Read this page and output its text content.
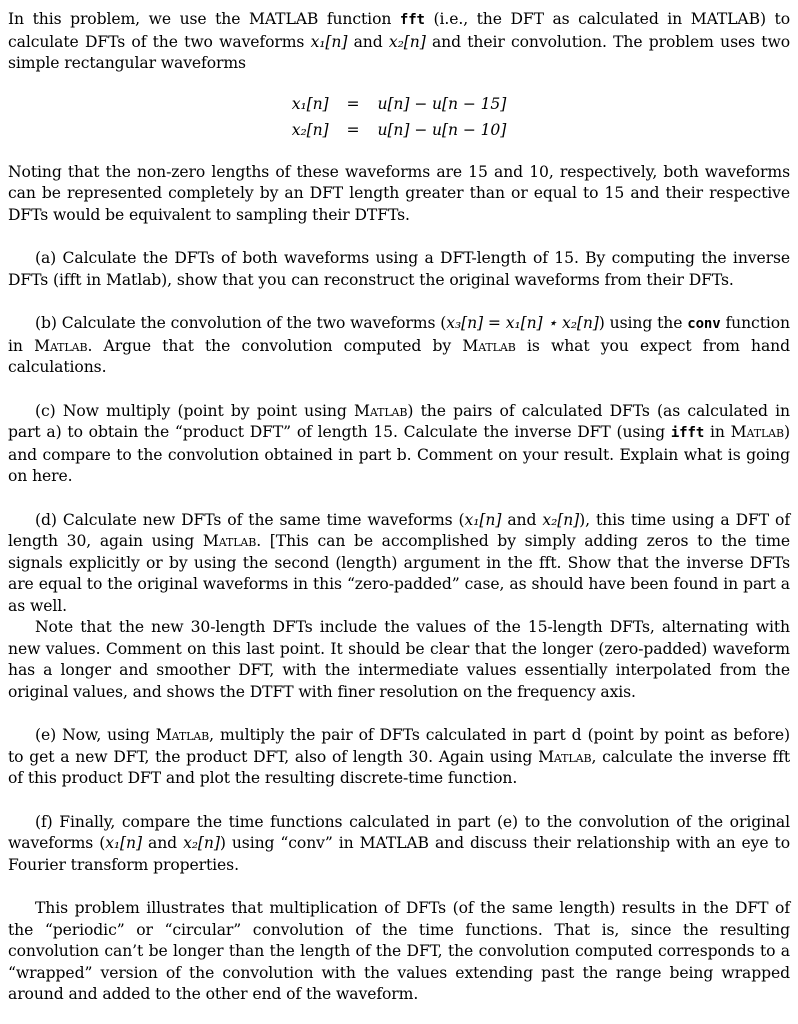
In this problem, we use the MATLAB function fft (i.e., the DFT as calculated in MATLAB) to calculate DFTs of the two waveforms x₁[n] and x₂[n] and their convolution. The problem uses two simple rectangular waveforms

x₁[n]	=	u[n] − u[n − 15]
x₂[n]	=	u[n] − u[n − 10]

Noting that the non-zero lengths of these waveforms are 15 and 10, respectively, both waveforms can be represented completely by an DFT length greater than or equal to 15 and their respective DFTs would be equivalent to sampling their DTFTs.

(a) Calculate the DFTs of both waveforms using a DFT-length of 15. By computing the inverse DFTs (ifft in Matlab), show that you can reconstruct the original waveforms from their DFTs.

(b) Calculate the convolution of the two waveforms (x₃[n] = x₁[n] ⋆ x₂[n]) using the conv function in Matlab. Argue that the convolution computed by Matlab is what you expect from hand calculations.

(c) Now multiply (point by point using Matlab) the pairs of calculated DFTs (as calculated in part a) to obtain the “product DFT” of length 15. Calculate the inverse DFT (using ifft in Matlab) and compare to the convolution obtained in part b. Comment on your result. Explain what is going on here.

(d) Calculate new DFTs of the same time waveforms (x₁[n] and x₂[n]), this time using a DFT of length 30, again using Matlab. [This can be accomplished by simply adding zeros to the time signals explicitly or by using the second (length) argument in the fft. Show that the inverse DFTs are equal to the original waveforms in this “zero-padded” case, as should have been found in part a as well.

Note that the new 30-length DFTs include the values of the 15-length DFTs, alternating with new values. Comment on this last point. It should be clear that the longer (zero-padded) waveform has a longer and smoother DFT, with the intermediate values essentially interpolated from the original values, and shows the DTFT with finer resolution on the frequency axis.

(e) Now, using Matlab, multiply the pair of DFTs calculated in part d (point by point as before) to get a new DFT, the product DFT, also of length 30. Again using Matlab, calculate the inverse fft of this product DFT and plot the resulting discrete-time function.

(f) Finally, compare the time functions calculated in part (e) to the convolution of the original waveforms (x₁[n] and x₂[n]) using “conv” in MATLAB and discuss their relationship with an eye to Fourier transform properties.

This problem illustrates that multiplication of DFTs (of the same length) results in the DFT of the “periodic” or “circular” convolution of the time functions. That is, since the resulting convolution can’t be longer than the length of the DFT, the convolution computed corresponds to a “wrapped” version of the convolution with the values extending past the range being wrapped around and added to the other end of the waveform.
